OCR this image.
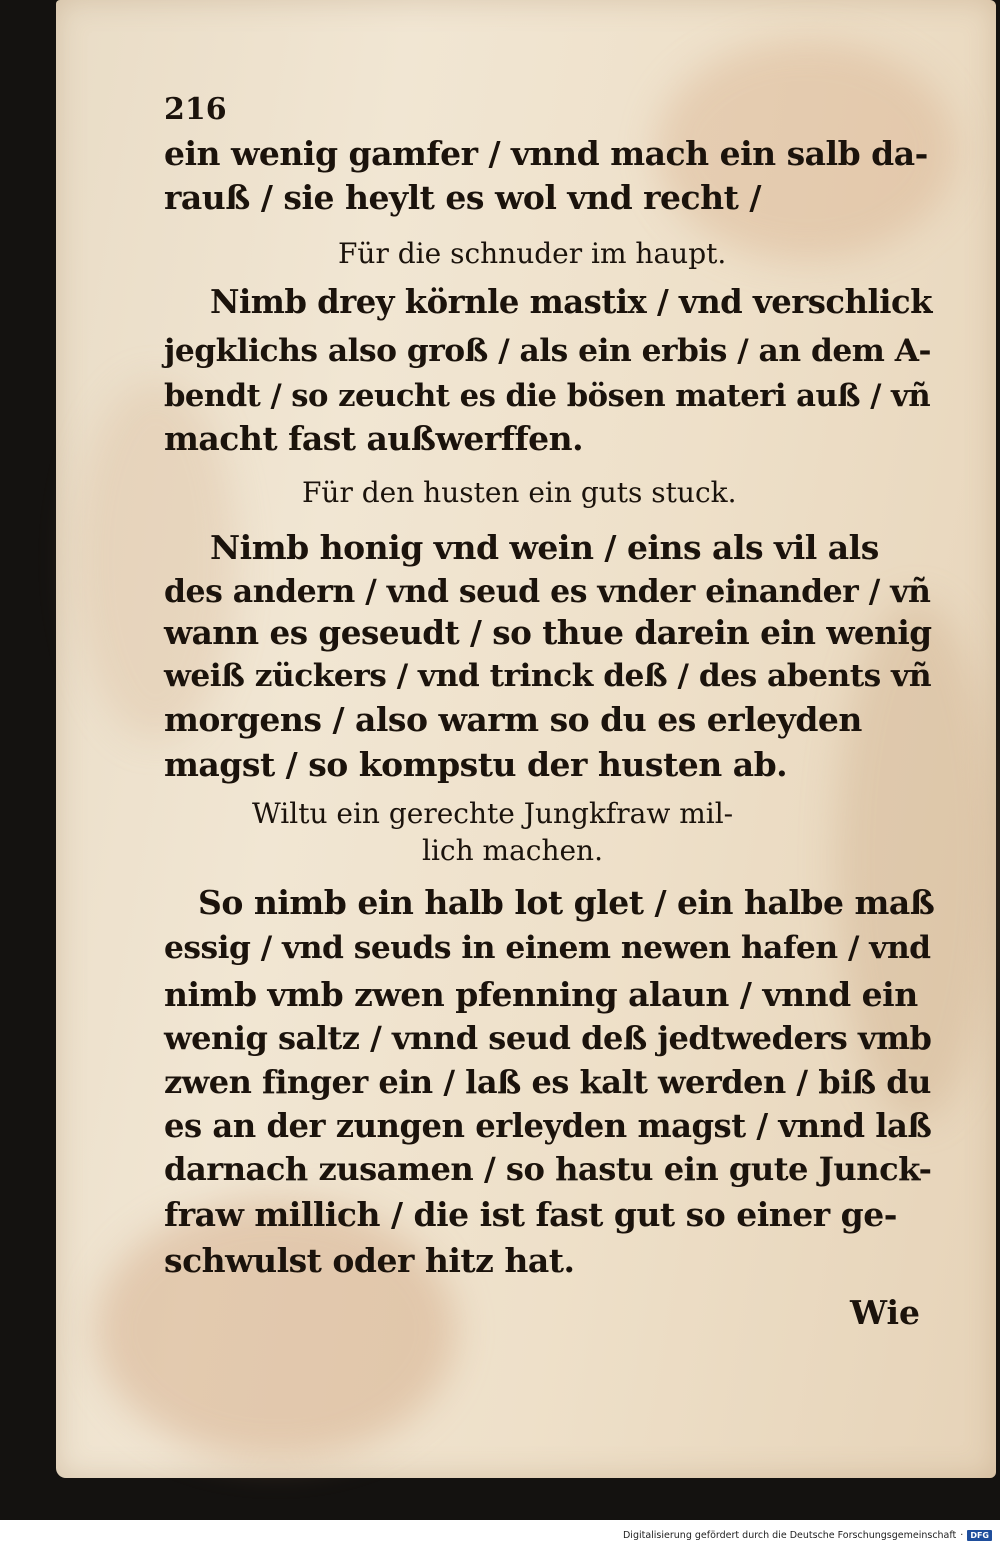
216

ein wenig gamfer / vnnd mach ein salb da-

rauß / sie heylt es wol vnd recht /

Für die schnuder im haupt.

Nimb drey körnle mastix / vnd verschlick

jegklichs also groß / als ein erbis / an dem A-

bendt / so zeucht es die bösen materi auß / vñ

macht fast außwerffen.

Für den husten ein guts stuck.

Nimb honig vnd wein / eins als vil als

des andern / vnd seud es vnder einander / vñ

wann es geseudt / so thue darein ein wenig

weiß zückers / vnd trinck deß / des abents vñ

morgens / also warm so du es erleyden

magst / so kompstu der husten ab.

Wiltu ein gerechte Jungkfraw mil-

lich machen.

So nimb ein halb lot glet / ein halbe maß

essig / vnd seuds in einem newen hafen / vnd

nimb vmb zwen pfenning alaun / vnnd ein

wenig saltz / vnnd seud deß jedtweders vmb

zwen finger ein / laß es kalt werden / biß du

es an der zungen erleyden magst / vnnd laß

darnach zusamen / so hastu ein gute Junck-

fraw millich / die ist fast gut so einer ge-

schwulst oder hitz hat.

Wie

Digitalisierung gefördert durch die Deutsche Forschungsgemeinschaft · DFG
